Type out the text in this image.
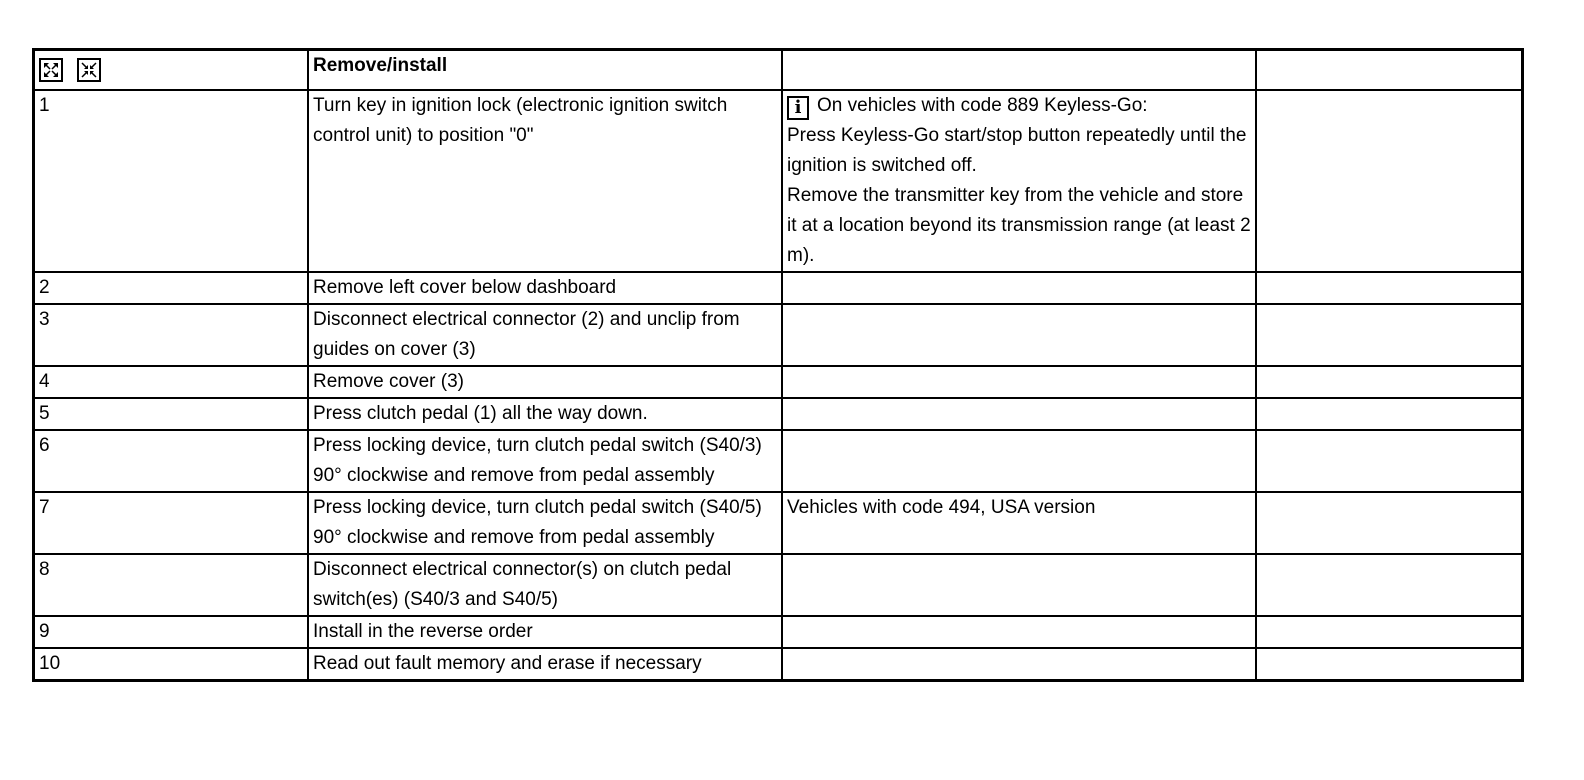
	Remove/install		
1	Turn key in ignition lock (electronic ignition switch control unit) to position "0"	i On vehicles with code 889 Keyless-Go:
Press Keyless-Go start/stop button repeatedly until the ignition is switched off.
Remove the transmitter key from the vehicle and store it at a location beyond its transmission range (at least 2 m).	

2	Remove left cover below dashboard		
3	Disconnect electrical connector (2) and unclip from guides on cover (3)		
4	Remove cover (3)		
5	Press clutch pedal (1) all the way down.		
6	Press locking device, turn clutch pedal switch (S40/3) 90° clockwise and remove from pedal assembly		
7	Press locking device, turn clutch pedal switch (S40/5) 90° clockwise and remove from pedal assembly	Vehicles with code 494, USA version	
8	Disconnect electrical connector(s) on clutch pedal switch(es) (S40/3 and S40/5)		
9	Install in the reverse order		
10	Read out fault memory and erase if necessary		
